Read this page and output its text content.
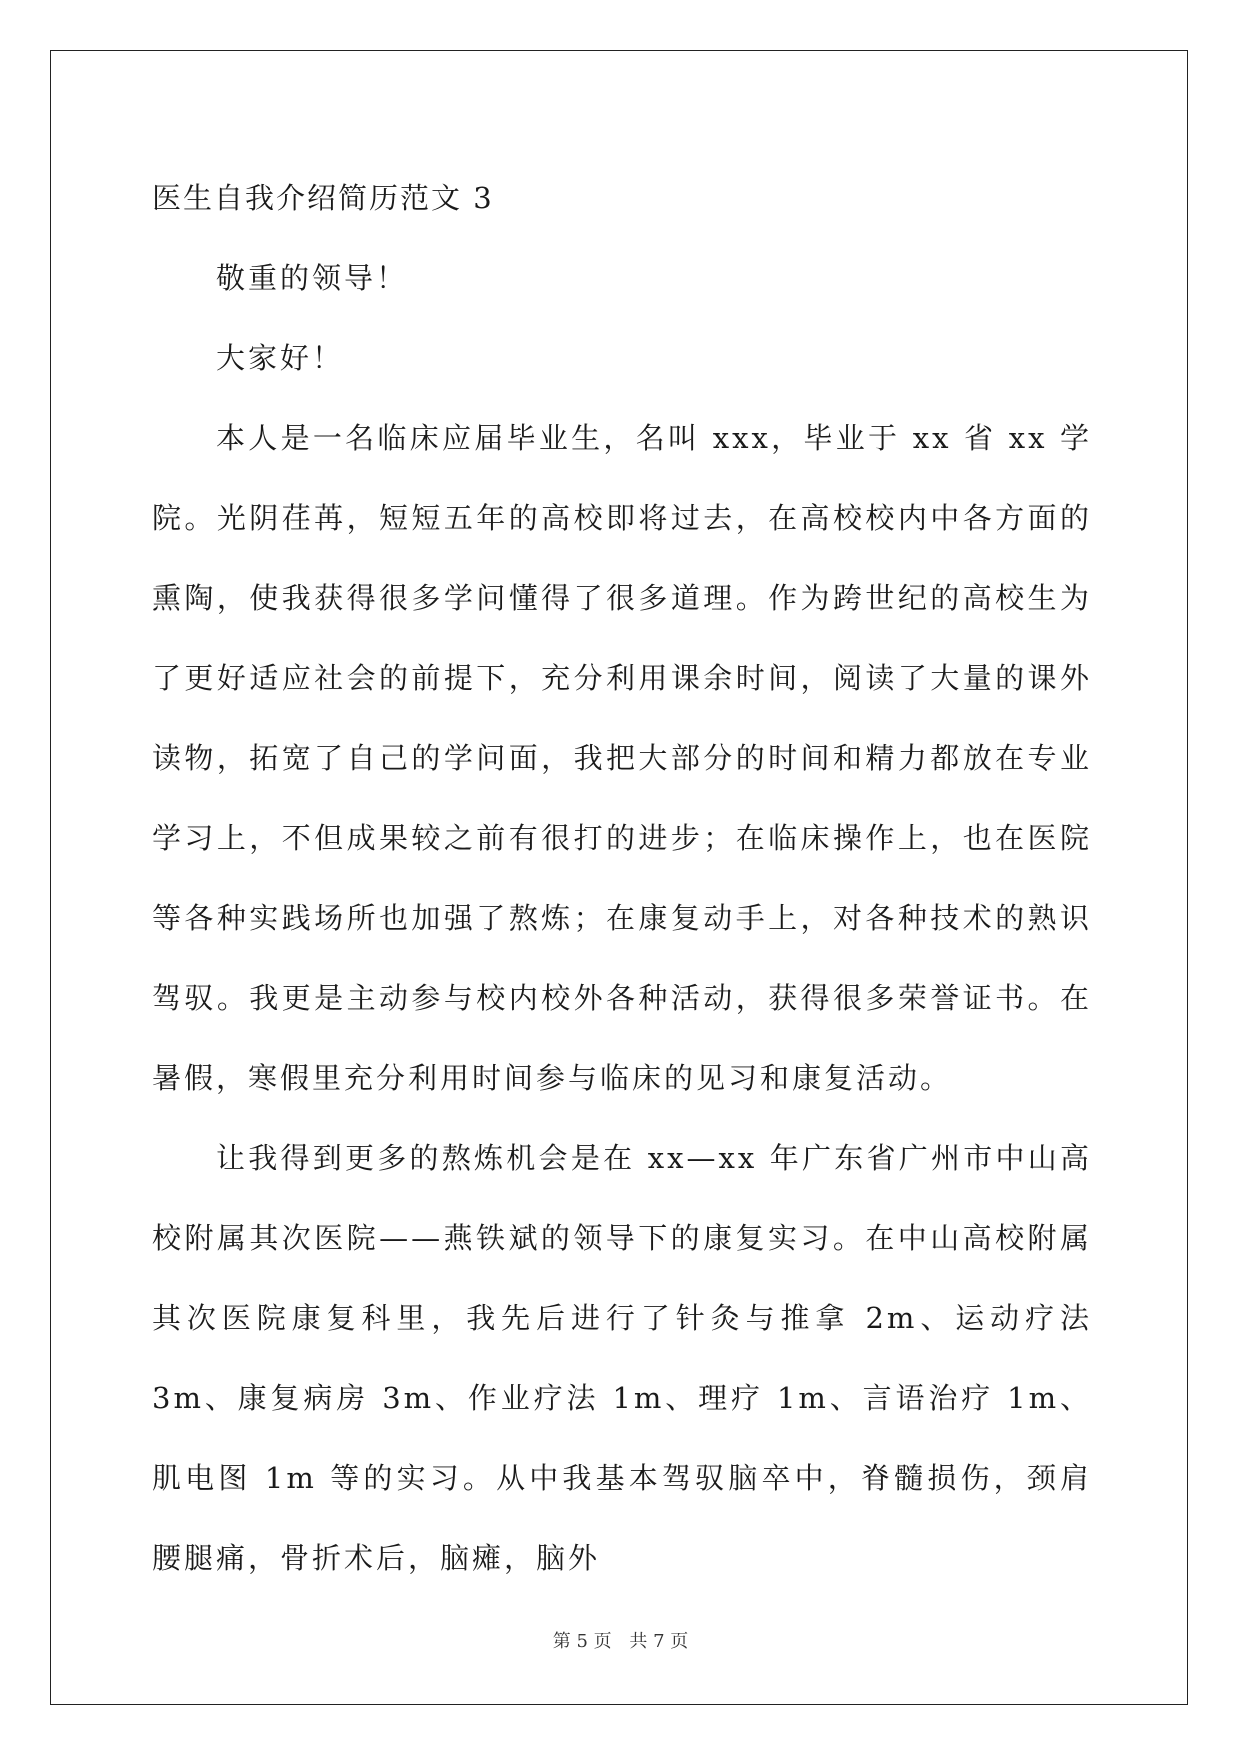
医生自我介绍简历范文 3

敬重的领导！

大家好！

本人是一名临床应届毕业生，名叫 xxx，毕业于 xx 省 xx 学院。光阴荏苒，短短五年的高校即将过去，在高校校内中各方面的熏陶，使我获得很多学问懂得了很多道理。作为跨世纪的高校生为了更好适应社会的前提下，充分利用课余时间，阅读了大量的课外读物，拓宽了自己的学问面，我把大部分的时间和精力都放在专业学习上，不但成果较之前有很打的进步；在临床操作上，也在医院等各种实践场所也加强了熬炼；在康复动手上，对各种技术的熟识驾驭。我更是主动参与校内校外各种活动，获得很多荣誉证书。在暑假，寒假里充分利用时间参与临床的见习和康复活动。

让我得到更多的熬炼机会是在 xx—xx 年广东省广州市中山高校附属其次医院——燕铁斌的领导下的康复实习。在中山高校附属其次医院康复科里，我先后进行了针灸与推拿 2m、运动疗法 3m、康复病房 3m、作业疗法 1m、理疗 1m、言语治疗 1m、肌电图 1m 等的实习。从中我基本驾驭脑卒中，脊髓损伤，颈肩腰腿痛，骨折术后，脑瘫，脑外

第 5 页 共 7 页
